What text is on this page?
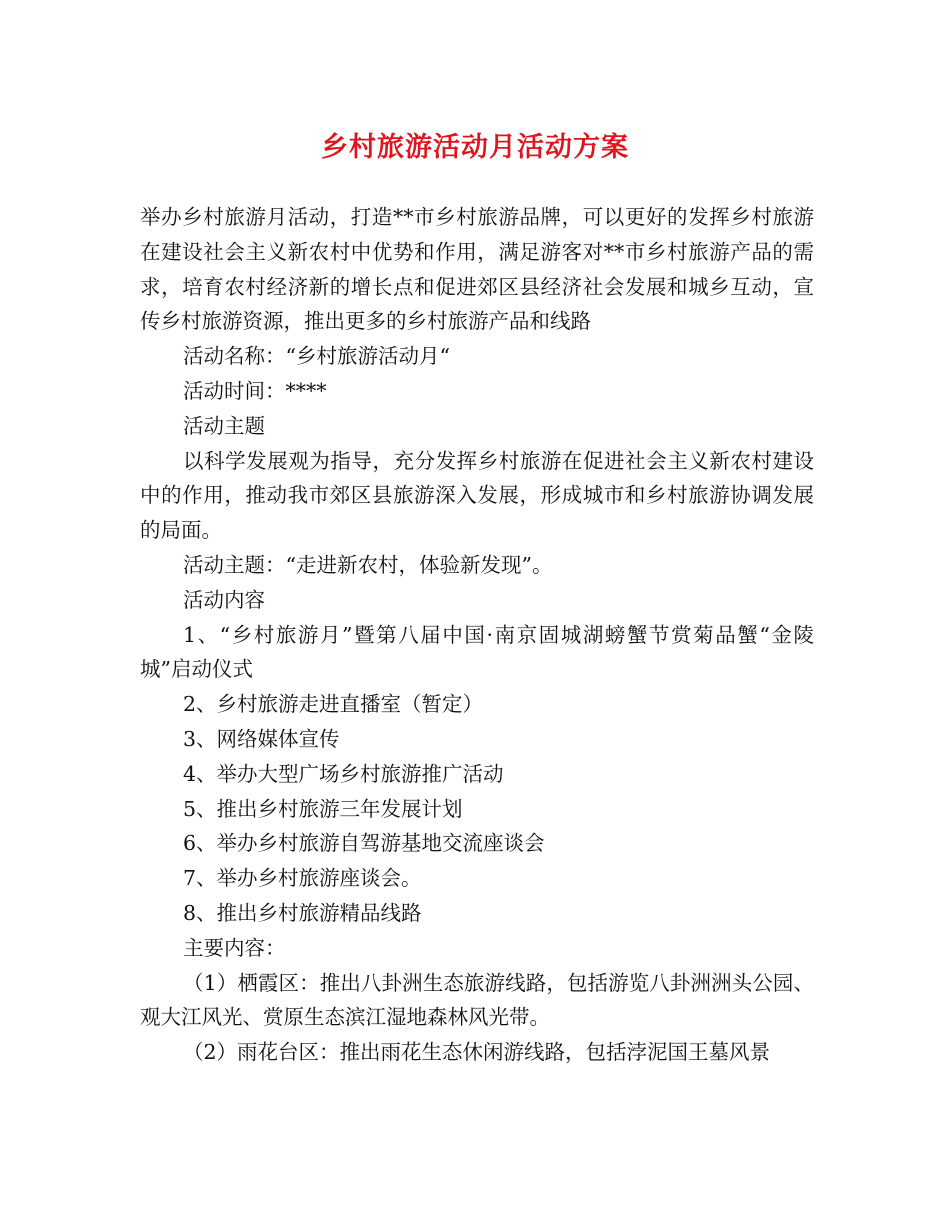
乡村旅游活动月活动方案

举办乡村旅游月活动，打造**市乡村旅游品牌，可以更好的发挥乡村旅游在建设社会主义新农村中优势和作用，满足游客对**市乡村旅游产品的需求，培育农村经济新的增长点和促进郊区县经济社会发展和城乡互动，宣传乡村旅游资源，推出更多的乡村旅游产品和线路

活动名称：“乡村旅游活动月“

活动时间：****

活动主题

以科学发展观为指导，充分发挥乡村旅游在促进社会主义新农村建设中的作用，推动我市郊区县旅游深入发展，形成城市和乡村旅游协调发展的局面。

活动主题：“走进新农村，体验新发现”。

活动内容

1、“乡村旅游月”暨第八届中国·南京固城湖螃蟹节赏菊品蟹“金陵城”启动仪式

2、乡村旅游走进直播室（暂定）

3、网络媒体宣传

4、举办大型广场乡村旅游推广活动

5、推出乡村旅游三年发展计划

6、举办乡村旅游自驾游基地交流座谈会

7、举办乡村旅游座谈会。

8、推出乡村旅游精品线路

主要内容：

（1）栖霞区：推出八卦洲生态旅游线路，包括游览八卦洲洲头公园、观大江风光、赏原生态滨江湿地森林风光带。

（2）雨花台区：推出雨花生态休闲游线路，包括浡泥国王墓风景
